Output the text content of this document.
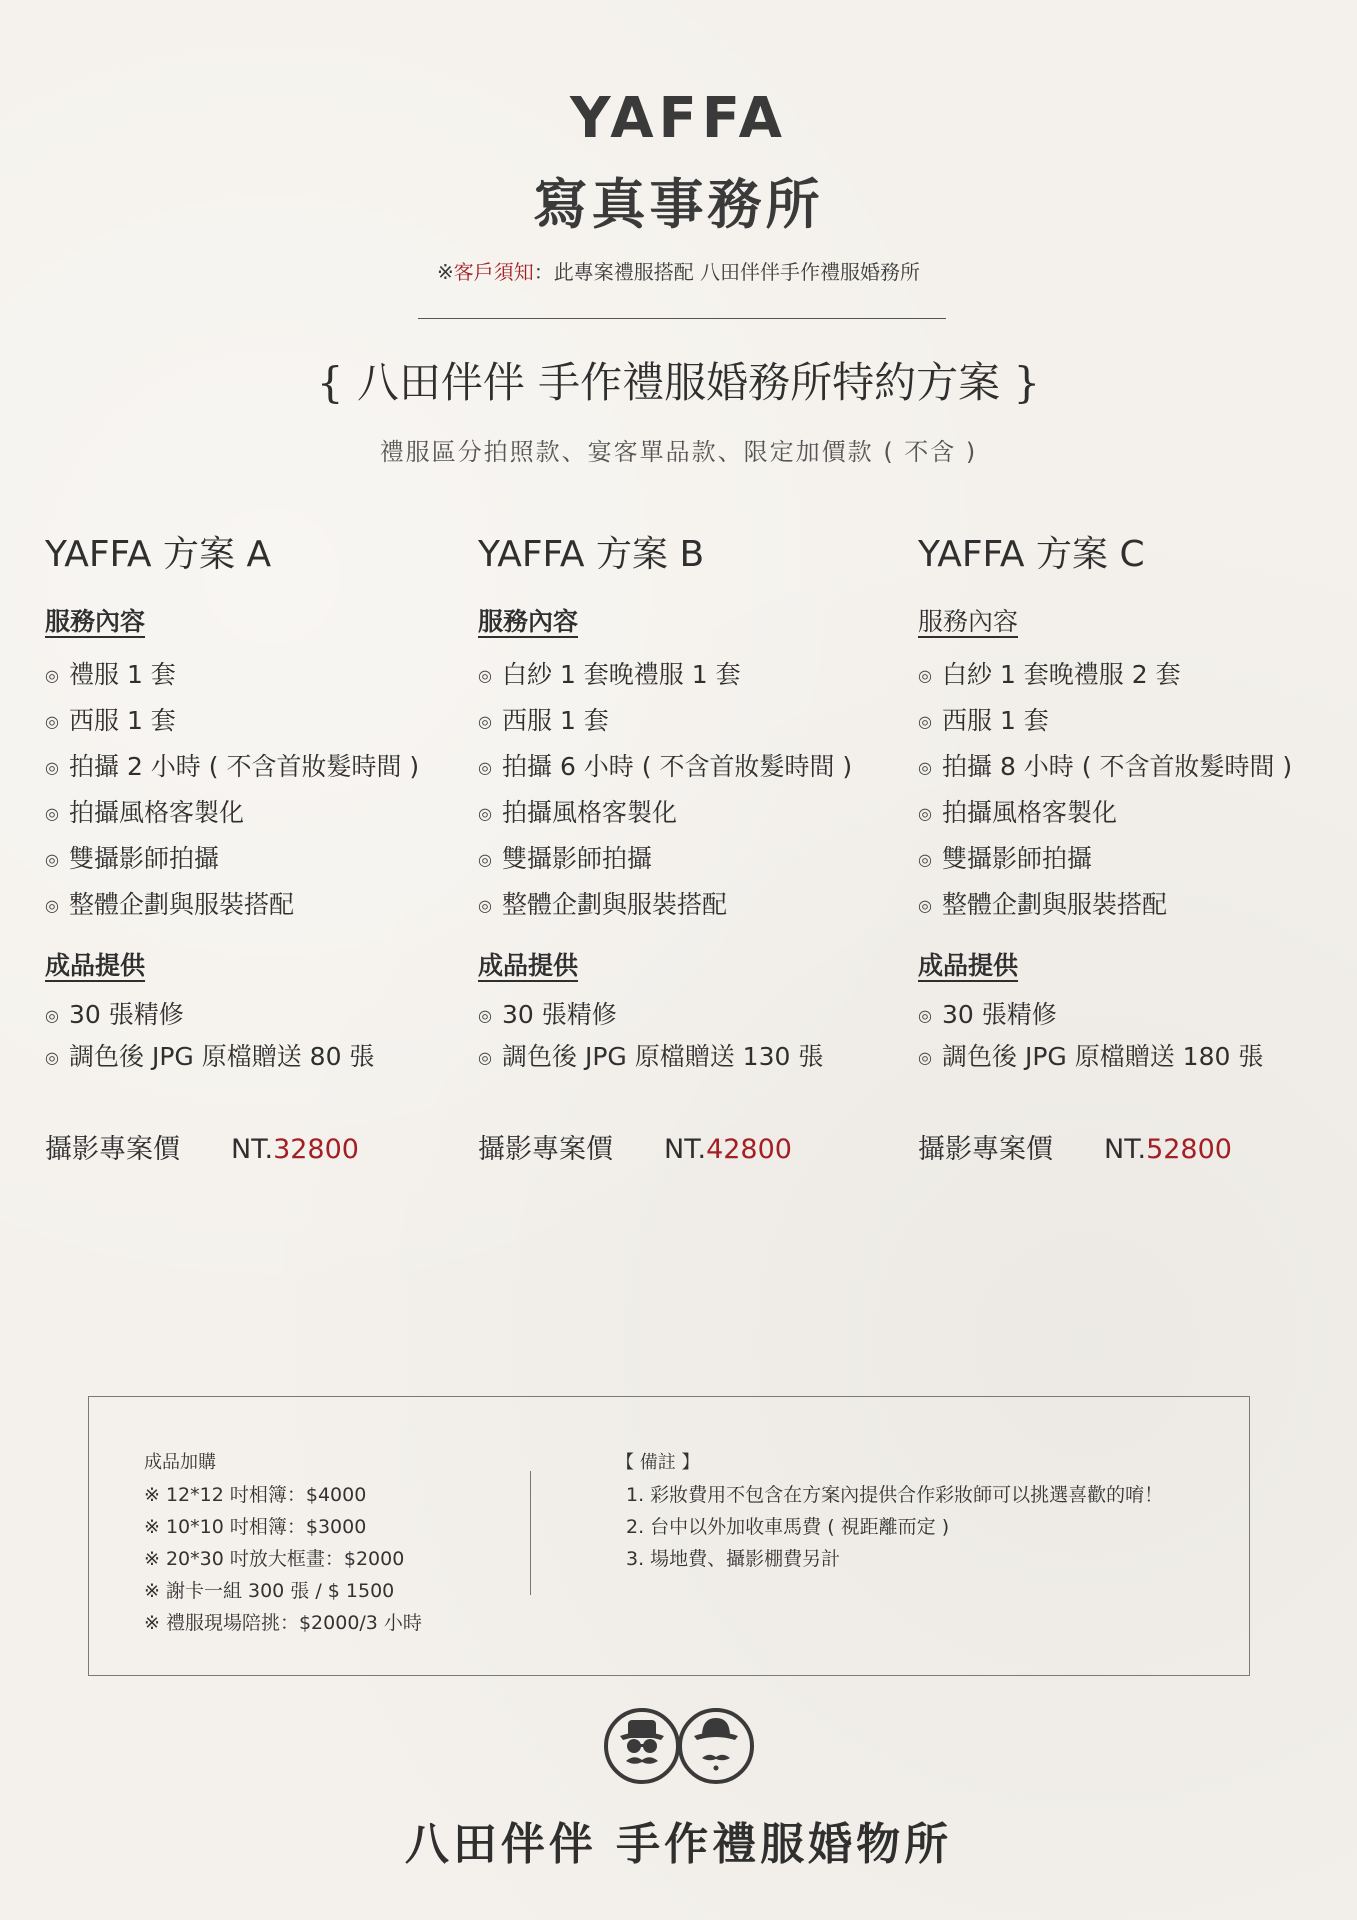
YAFFA
寫真事務所
※客戶須知：此專案禮服搭配 八田伴伴手作禮服婚務所
{ 八田伴伴 手作禮服婚務所特約方案 }
禮服區分拍照款、宴客單品款、限定加價款 ( 不含 )
YAFFA 方案 A
服務內容
◎ 禮服 1 套
◎ 西服 1 套
◎ 拍攝 2 小時 ( 不含首妝髮時間 )
◎ 拍攝風格客製化
◎ 雙攝影師拍攝
◎ 整體企劃與服裝搭配
成品提供
◎ 30 張精修
◎ 調色後 JPG 原檔贈送 80 張
攝影專案價 NT.32800
YAFFA 方案 B
服務內容
◎ 白紗 1 套晚禮服 1 套
◎ 西服 1 套
◎ 拍攝 6 小時 ( 不含首妝髮時間 )
◎ 拍攝風格客製化
◎ 雙攝影師拍攝
◎ 整體企劃與服裝搭配
成品提供
◎ 30 張精修
◎ 調色後 JPG 原檔贈送 130 張
攝影專案價 NT.42800
YAFFA 方案 C
服務內容
◎ 白紗 1 套晚禮服 2 套
◎ 西服 1 套
◎ 拍攝 8 小時 ( 不含首妝髮時間 )
◎ 拍攝風格客製化
◎ 雙攝影師拍攝
◎ 整體企劃與服裝搭配
成品提供
◎ 30 張精修
◎ 調色後 JPG 原檔贈送 180 張
攝影專案價 NT.52800
成品加購
※ 12*12 吋相簿：$4000
※ 10*10 吋相簿：$3000
※ 20*30 吋放大框畫：$2000
※ 謝卡一組 300 張 / $ 1500
※ 禮服現場陪挑：$2000/3 小時
【 備註 】
1. 彩妝費用不包含在方案內提供合作彩妝師可以挑選喜歡的唷！
2. 台中以外加收車馬費 ( 視距離而定 )
3. 場地費、攝影棚費另計
八田伴伴 手作禮服婚物所
